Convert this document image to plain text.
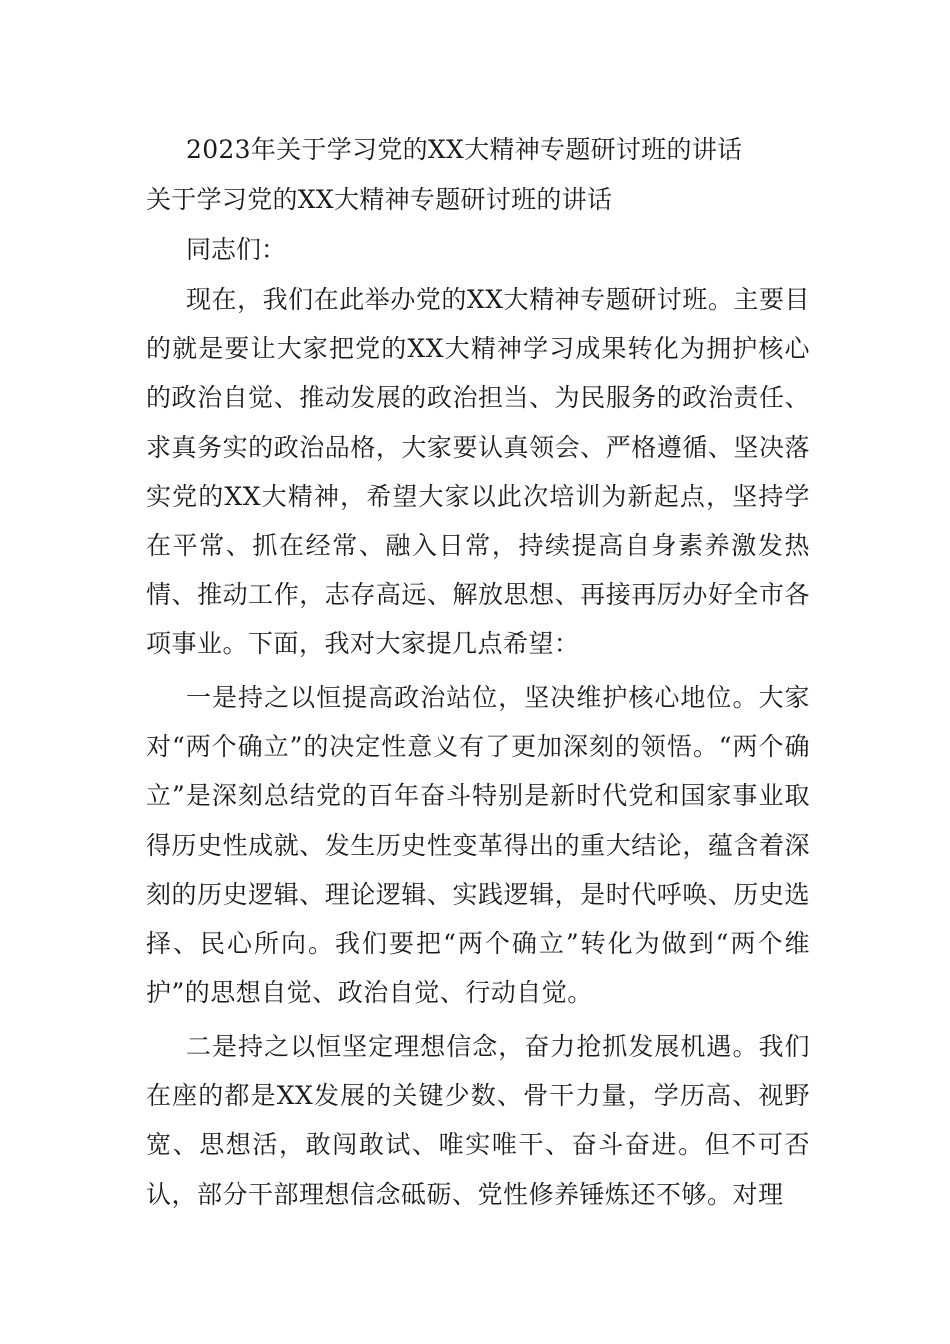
2023年关于学习党的XX大精神专题研讨班的讲话
关于学习党的XX大精神专题研讨班的讲话
同志们：

现在，我们在此举办党的XX大精神专题研讨班。主要目的就是要让大家把党的XX大精神学习成果转化为拥护核心的政治自觉、推动发展的政治担当、为民服务的政治责任、求真务实的政治品格，大家要认真领会、严格遵循、坚决落实党的XX大精神，希望大家以此次培训为新起点，坚持学在平常、抓在经常、融入日常，持续提高自身素养激发热情、推动工作，志存高远、解放思想、再接再厉办好全市各项事业。下面，我对大家提几点希望：

一是持之以恒提高政治站位，坚决维护核心地位。大家对“两个确立”的决定性意义有了更加深刻的领悟。“两个确立”是深刻总结党的百年奋斗特别是新时代党和国家事业取得历史性成就、发生历史性变革得出的重大结论，蕴含着深刻的历史逻辑、理论逻辑、实践逻辑，是时代呼唤、历史选择、民心所向。我们要把“两个确立”转化为做到“两个维护”的思想自觉、政治自觉、行动自觉。

二是持之以恒坚定理想信念，奋力抢抓发展机遇。我们在座的都是XX发展的关键少数、骨干力量，学历高、视野宽、思想活，敢闯敢试、唯实唯干、奋斗奋进。但不可否认，部分干部理想信念砥砺、党性修养锤炼还不够。对理
